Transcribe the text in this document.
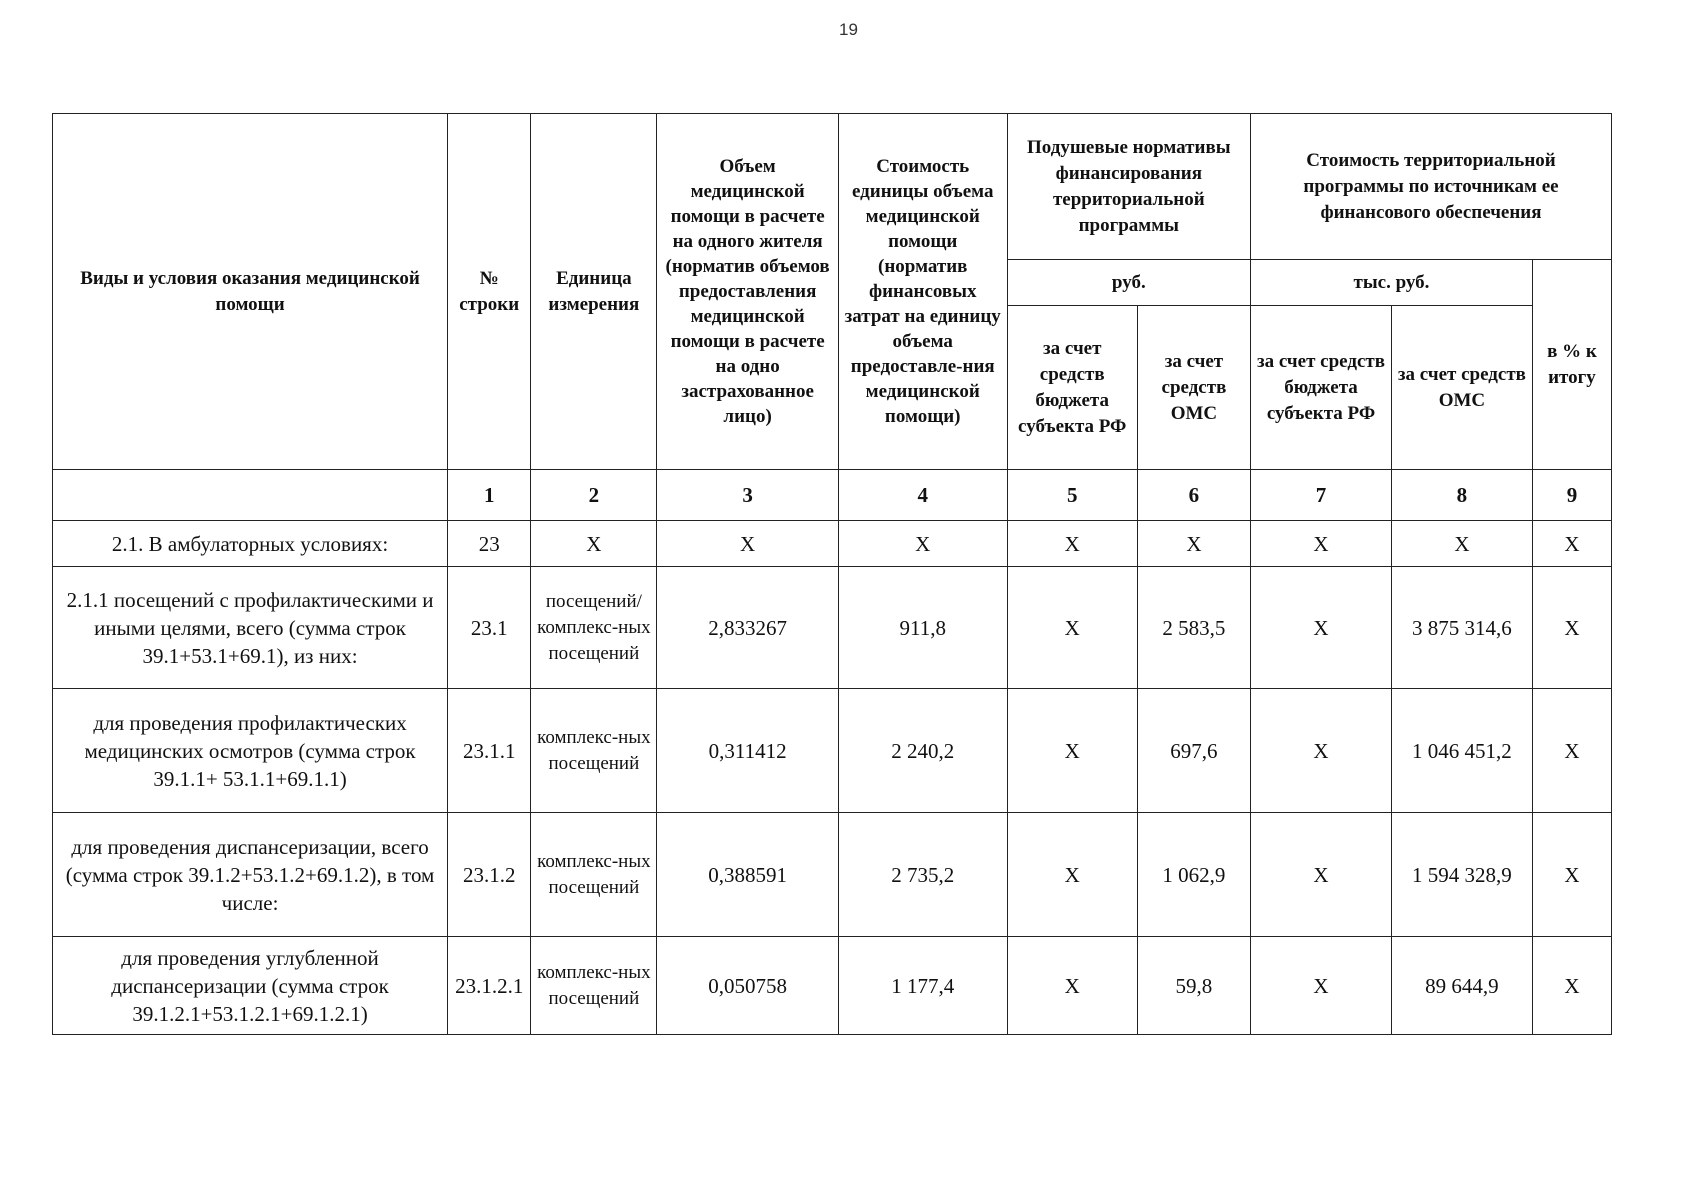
19
Виды и условия оказания медицинской помощи	№ строки	Единица измерения	Объем медицинской помощи в расчете на одного жителя (норматив объемов предоставления медицинской помощи в расчете на одно застрахованное лицо)	Стоимость единицы объема медицинской помощи (норматив финансовых затрат на единицу объема предоставле-ния медицинской помощи)	Подушевые нормативы финансирования территориальной программы		Стоимость территориальной программы по источникам ее финансового обеспечения		
					руб.		тыс. руб.		в % к итогу
					за счет средств бюджета субъекта РФ	за счет средств ОМС	за счет средств бюджета субъекта РФ	за счет средств ОМС	
	1	2	3	4	5	6	7	8	9
2.1. В амбулаторных условиях:	23	X	X	X	X	X	X	X	X
2.1.1 посещений с профилактическими и иными целями, всего (сумма строк 39.1+53.1+69.1), из них:	23.1	посещений/ комплекс-ных посещений	2,833267	911,8	X	2 583,5	X	3 875 314,6	X
для проведения профилактических медицинских осмотров (сумма строк 39.1.1+ 53.1.1+69.1.1)	23.1.1	комплекс-ных посещений	0,311412	2 240,2	X	697,6	X	1 046 451,2	X
для проведения диспансеризации, всего (сумма строк 39.1.2+53.1.2+69.1.2), в том числе:	23.1.2	комплекс-ных посещений	0,388591	2 735,2	X	1 062,9	X	1 594 328,9	X
для проведения углубленной диспансеризации (сумма строк 39.1.2.1+53.1.2.1+69.1.2.1)	23.1.2.1	комплекс-ных посещений	0,050758	1 177,4	X	59,8	X	89 644,9	X
